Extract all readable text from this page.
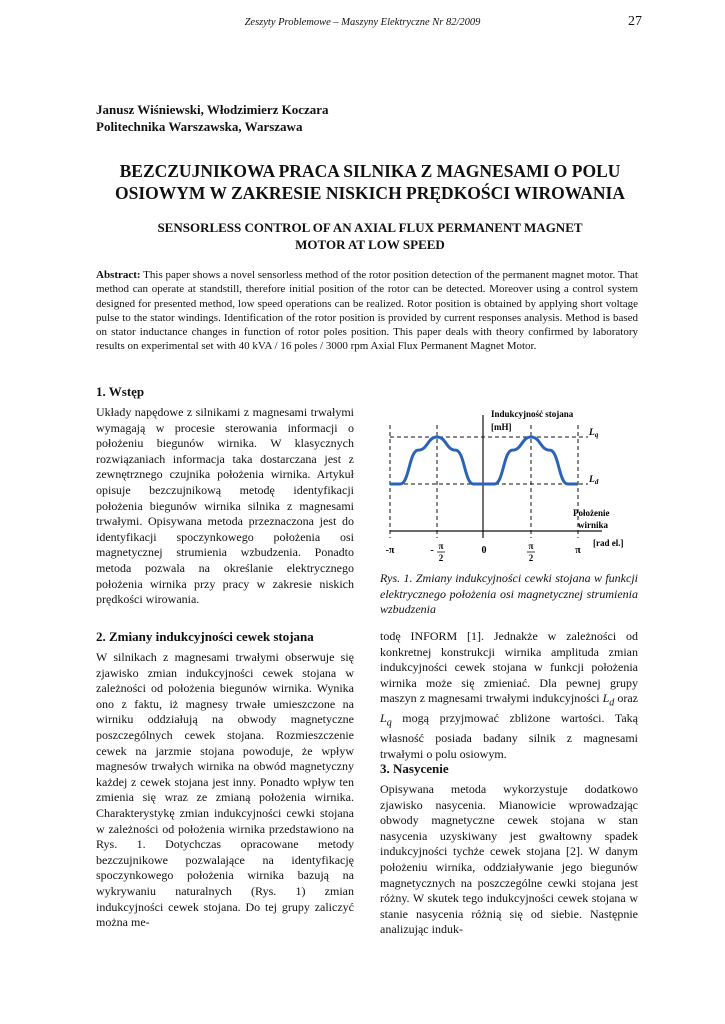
Zeszyty Problemowe – Maszyny Elektryczne Nr 82/2009	27
Janusz Wiśniewski, Włodzimierz Koczara
Politechnika Warszawska, Warszawa
BEZCZUJNIKOWA PRACA SILNIKA Z MAGNESAMI O POLU
OSIOWYM W ZAKRESIE NISKICH PRĘDKOŚCI WIROWANIA
SENSORLESS CONTROL OF AN AXIAL FLUX PERMANENT MAGNET
MOTOR AT LOW SPEED
Abstract: This paper shows a novel sensorless method of the rotor position detection of the permanent magnet motor. That method can operate at standstill, therefore initial position of the rotor can be detected. Moreover using a control system designed for presented method, low speed operations can be realized. Rotor position is obtained by applying short voltage pulse to the stator windings. Identification of the rotor position is provided by current responses analysis. Method is based on stator inductance changes in function of rotor poles position. This paper deals with theory confirmed by laboratory results on experimental set with 40 kVA / 16 poles / 3000 rpm Axial Flux Permanent Magnet Motor.
1. Wstęp

Układy napędowe z silnikami z magnesami trwałymi wymagają w procesie sterowania informacji o położeniu biegunów wirnika. W klasycznych rozwiązaniach informacja taka dostarczana jest z zewnętrznego czujnika położenia wirnika. Artykuł opisuje bezczujnikową metodę identyfikacji położenia biegunów wirnika silnika z magnesami trwałymi. Opisywana metoda przeznaczona jest do identyfikacji spoczynkowego położenia osi magnetycznej strumienia wzbudzenia. Ponadto metoda pozwala na określanie elektrycznego położenia wirnika przy pracy w zakresie niskich prędkości wirowania.

2. Zmiany indukcyjności cewek stojana

W silnikach z magnesami trwałymi obserwuje się zjawisko zmian indukcyjności cewek stojana w zależności od położenia biegunów wirnika. Wynika ono z faktu, iż magnesy trwałe umieszczone na wirniku oddziałują na obwody magnetyczne poszczególnych cewek stojana. Rozmieszczenie cewek na jarzmie stojana powoduje, że wpływ magnesów trwałych wirnika na obwód magnetyczny każdej z cewek stojana jest inny. Ponadto wpływ ten zmienia się wraz ze zmianą położenia wirnika. Charakterystykę zmian indukcyjności cewki stojana w zależności od położenia wirnika przedstawiono na Rys. 1. Dotychczas opracowane metody bezczujnikowe pozwalające na identyfikację spoczynkowego położenia wirnika bazują na wykrywaniu naturalnych (Rys. 1) zmian indukcyjności cewek stojana. Do tej grupy zaliczyć można me-

Indukcyjność stojana
[mH]
$L_q$
$L_d$
Położenie
wirnika
[rad el.]
-π	- π
2
0	π
2
π
Rys. 1. Zmiany indukcyjności cewki stojana w funkcji elektrycznego położenia osi magnetycznej strumienia wzbudzenia

todę INFORM [1]. Jednakże w zależności od konkretnej konstrukcji wirnika amplituda zmian indukcyjności cewek stojana w funkcji położenia wirnika może się zmieniać. Dla pewnej grupy maszyn z magnesami trwałymi indukcyjności $L_d$ oraz $L_q$ mogą przyjmować zbliżone wartości. Taką własność posiada badany silnik z magnesami trwałymi o polu osiowym.

3. Nasycenie

Opisywana metoda wykorzystuje dodatkowo zjawisko nasycenia. Mianowicie wprowadzając obwody magnetyczne cewek stojana w stan nasycenia uzyskiwany jest gwałtowny spadek indukcyjności tychże cewek stojana [2]. W danym położeniu wirnika, oddziaływanie jego biegunów magnetycznych na poszczególne cewki stojana jest różny. W skutek tego indukcyjności cewek stojana w stanie nasycenia różnią się od siebie. Następnie analizując induk-
